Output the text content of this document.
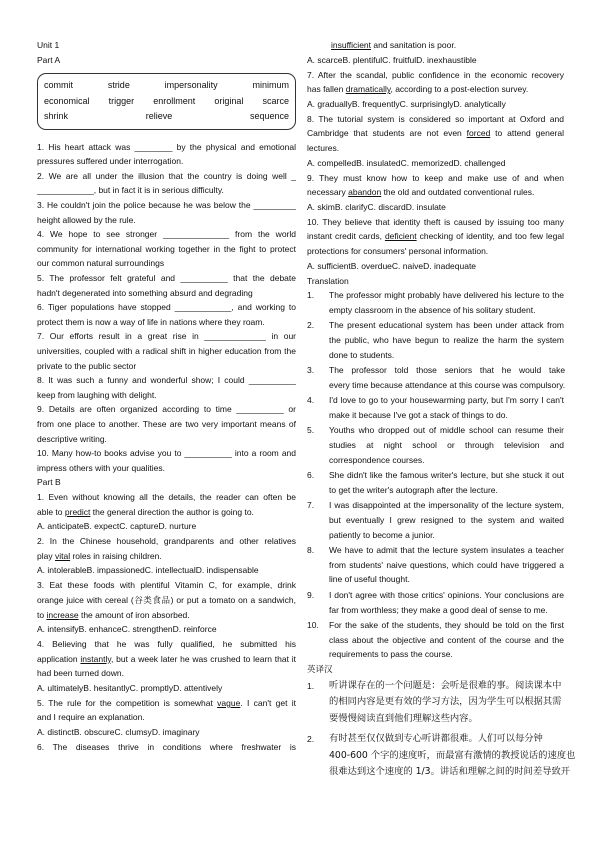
Unit 1
Part A
commit	stride	impersonality	minimum
economical trigger enrollment original scarce
shrink	relieve	sequence
1. His heart attack was ________ by the physical and emotional
pressures suffered under interrogation.
2. We are all under the illusion that the country is doing well _
____________, but in fact it is in serious difficulty.
3. He couldn't join the police because he was below the _________
height allowed by the rule.
4. We hope to see stronger ______________ from the world
community for international working together in the fight to protect
our common natural surroundings
5. The professor felt grateful and __________ that the debate
hadn't degenerated into something absurd and degrading
6. Tiger populations have stopped ____________, and working to
protect them is now a way of life in nations where they roam.
7. Our efforts result in a great rise in _____________ in our
universities, coupled with a radical shift in higher education from the
private to the public sector
8. It was such a funny and wonderful show; I could __________
keep from laughing with delight.
9. Details are often organized according to time __________ or
from one place to another. These are two very important means of
descriptive writing.
10. Many how-to books advise you to __________ into a room and
impress others with your qualities.
Part B
1. Even without knowing all the details, the reader can often be
able to predict the general direction the author is going to.
A. anticipate B. expect C. capture D. nurture
2. In the Chinese household, grandparents and other relatives
play vital roles in raising children.
A. intolerable B. impassioned C. intellectual D. indispensable
3. Eat these foods with plentiful Vitamin C, for example, drink
orange juice with cereal (谷类食品) or put a tomato on a sandwich,
to increase the amount of iron absorbed.
A. intensify B. enhance C. strengthen D. reinforce
4. Believing that he was fully qualified, he submitted his
application instantly, but a week later he was crushed to learn that it
had been turned down.
A. ultimately B. hesitantly C. promptly D. attentively
5. The rule for the competition is somewhat vague. I can't get it
and I require an explanation.
A. distinct B. obscure C. clumsy D. imaginary
6. The diseases thrive in conditions where freshwater is
insufficient and sanitation is poor.
A. scarce B. plentiful C. fruitful D. inexhaustible
7. After the scandal, public confidence in the economic recovery
has fallen dramatically, according to a post-election survey.
A. gradually B. frequently C. surprisingly D. analytically
8. The tutorial system is considered so important at Oxford and
Cambridge that students are not even forced to attend general
lectures.
A. compelled B. insulated C. memorized D. challenged
9. They must know how to keep and make use of and when
necessary abandon the old and outdated conventional rules.
A. skim B. clarify C. discard D. insulate
10. They believe that identity theft is caused by issuing too many
instant credit cards, deficient checking of identity, and too few legal
protections for consumers' personal information.
A. sufficient B. overdue C. naive D. inadequate
Translation
1.	The professor might probably have delivered his lecture to the
empty classroom in the absence of his solitary student.
2.	The present educational system has been under attack from
the public, who have begun to realize the harm the system
done to students.
3.	The professor told those seniors that he would take
every time because attendance at this course was compulsory.
4.	I'd love to go to your housewarming party, but I'm sorry I can't
make it because I've got a stack of things to do.
5.	Youths who dropped out of middle school can resume their
studies at night school or through television and
correspondence courses.
6.	She didn't like the famous writer's lecture, but she stuck it out
to get the writer's autograph after the lecture.
7.	I was disappointed at the impersonality of the lecture system,
but eventually I grew resigned to the system and waited
patiently to become a junior.
8.	We have to admit that the lecture system insulates a teacher
from students' naive questions, which could have triggered a
line of useful thought.
9.	I don't agree with those critics' opinions. Your conclusions are
far from worthless; they make a good deal of sense to me.
10.	For the sake of the students, they should be told on the first
class about the objective and content of the course and the
requirements to pass the course.
英译汉
1.	听讲课存在的一个问题是：会听是很难的事。阅读课本中
的相同内容是更有效的学习方法，因为学生可以根据其需
要慢慢阅读直到他们理解这些内容。
2.	有时甚至仅仅做到专心听讲都很难。人们可以每分钟
400-600 个字的速度听，而最富有激情的教授说话的速度也
很难达到这个速度的 1/3。讲话和理解之间的时间差导致开
